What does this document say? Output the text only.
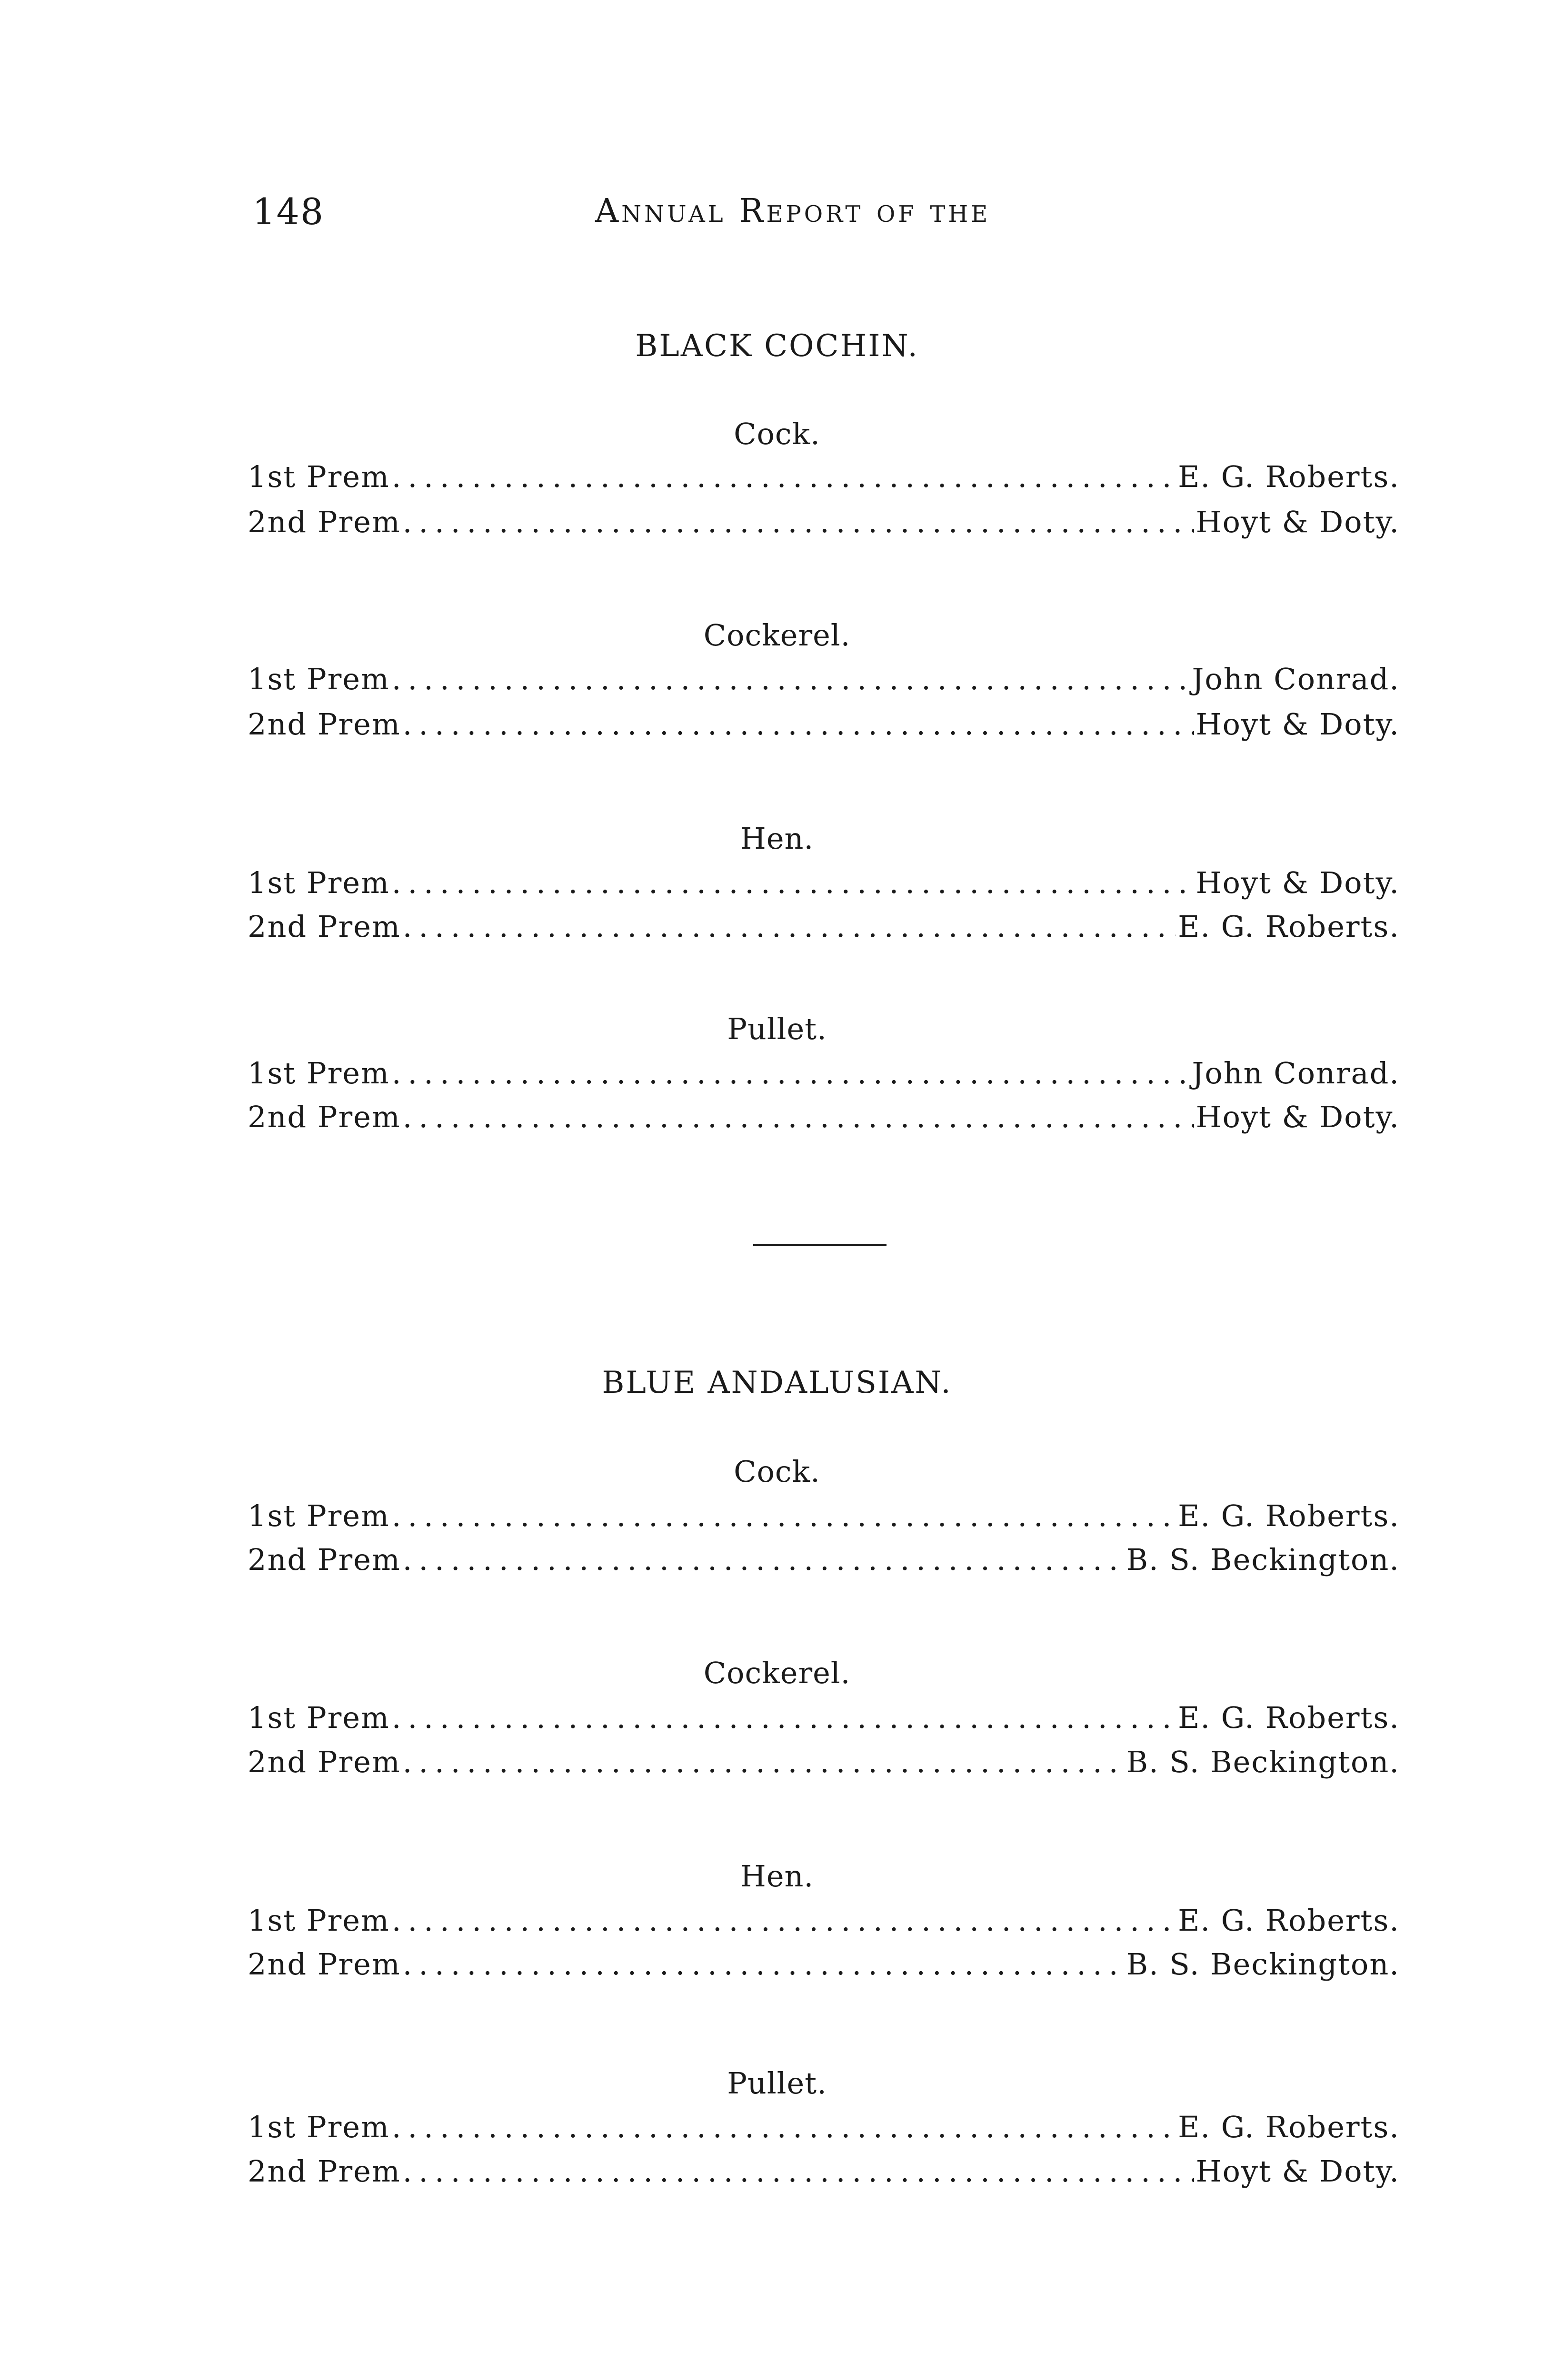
148	Annual Report of the
BLACK COCHIN.
Cock.
1st Prem .....	E. G. Roberts.
2nd Prem .....	Hoyt & Doty.
Cockerel.
1st Prem .....	John Conrad.
2nd Prem .....	Hoyt & Doty.
Hen.
1st Prem .....	Hoyt & Doty.
2nd Prem .....	E. G. Roberts.
Pullet.
1st Prem .....	John Conrad.
2nd Prem .....	Hoyt & Doty.
BLUE ANDALUSIAN.
Cock.
1st Prem .....	E. G. Roberts.
2nd Prem .....	B. S. Beckington.
Cockerel.
1st Prem .....	E. G. Roberts.
2nd Prem .....	B. S. Beckington.
Hen.
1st Prem .....	E. G. Roberts.
2nd Prem .....	B. S. Beckington.
Pullet.
1st Prem .....	E. G. Roberts.
2nd Prem .....	Hoyt & Doty.
